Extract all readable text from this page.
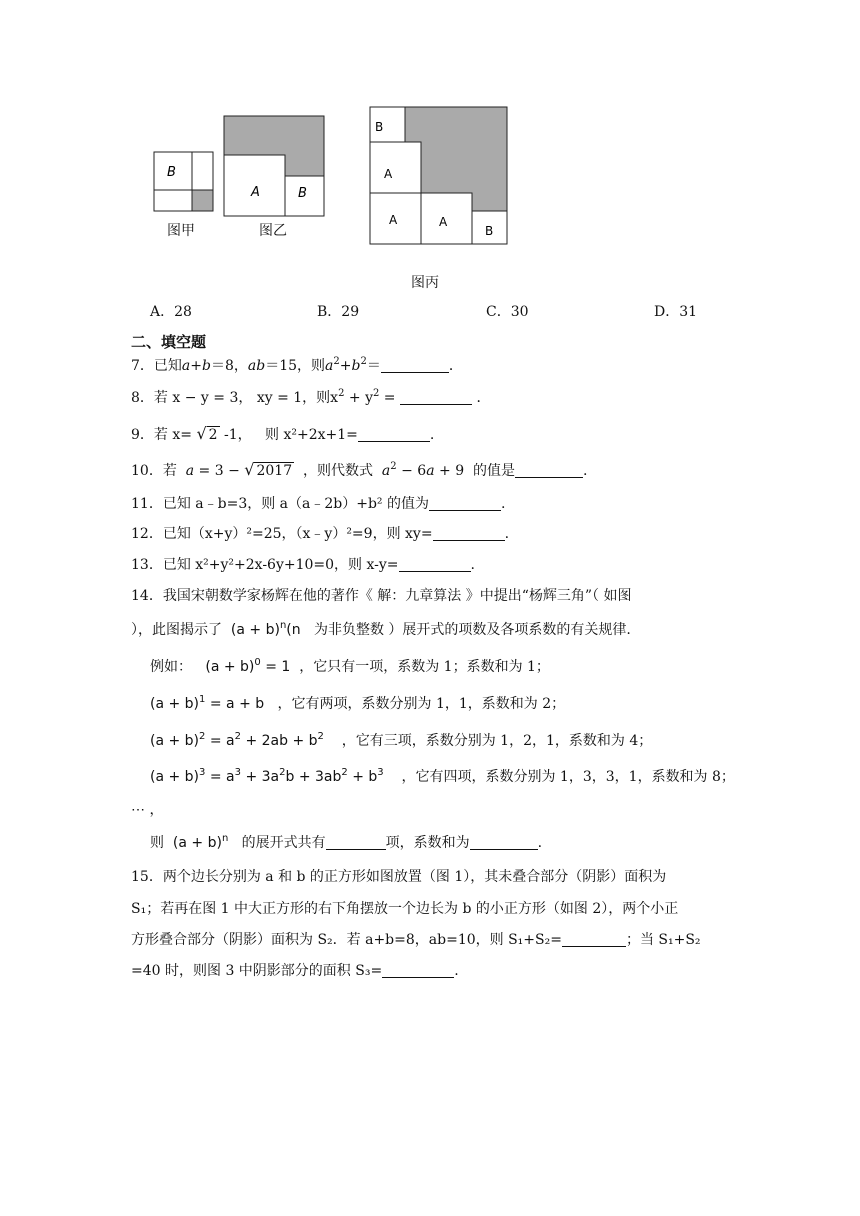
B
图甲
A	B
图乙
B
A
A	A
B
图丙
A．28	B．29	C．30	D．31
二、填空题
7．已知a+b＝8，ab＝15，则$a^2+b^2=$	．
8．若 x − y = 3， xy = 1，则$x^2 + y^2$ =	．
9．若 x= √ 2 -1， 则 x²+2x+1=	.
10．若 a = 3 − √ 2017 ，则代数式 $a^2 - 6a + 9$  的值是	.
11．已知 a﹣b=3，则 a（a﹣2b）+b² 的值为	.
12．已知（x+y）²=25，（x﹣y）²=9，则 xy=	.
13．已知 x²+y²+2x-6y+10=0，则 x-y=	.
14．我国宋朝数学家杨辉在他的著作《 解：九章算法 》中提出“杨辉三角”（ 如图
），此图揭示了 $(a + b)^n(n$ 为非负整数 ）展开式的项数及各项系数的有关规律.
例如： $(a + b)^0 = 1$ ，它只有一项，系数为 1；系数和为 1；
$(a + b)^1 = a + b$ ，它有两项，系数分别为 1，1，系数和为 2；
$(a + b)^2 = a^2 + 2ab + b^2$ ，它有三项，系数分别为 1，2，1，系数和为 4；
$(a + b)^3 = a^3 + 3a^2b + 3ab^2 + b^3$ ，它有四项，系数分别为 1，3，3，1，系数和为 8；
⋯ ，
则 $(a + b)^n$ 的展开式共有	项，系数和为	.
15．两个边长分别为 a 和 b 的正方形如图放置（图 1），其未叠合部分（阴影）面积为
S₁；若再在图 1 中大正方形的右下角摆放一个边长为 b 的小正方形（如图 2），两个小正
方形叠合部分（阴影）面积为 S₂．若 a+b=8，ab=10，则 S₁+S₂=	；当 S₁+S₂
=40 时，则图 3 中阴影部分的面积 S₃=	.
